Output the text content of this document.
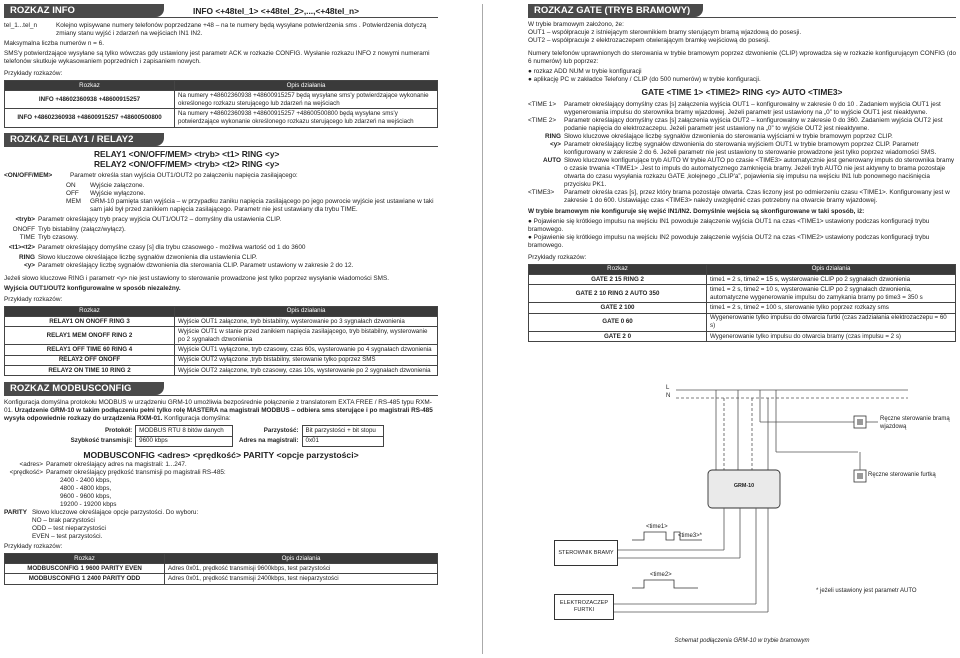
ROZKAZ INFO	INFO <+48tel_1> <+48tel_2>,...,<+48tel_n>
tel_1...tel_n	Kolejno wpisywane numery telefonów poprzedzane +48 – na te numery będą wysyłane potwierdzenia sms . Potwierdzenia dotyczą zmiany stanu wyjść i zdarzeń na wejściach IN1 IN2.
Maksymalna liczba numerów n = 6.
SMS'y potwierdzające wysyłane są tylko wówczas gdy ustawiony jest parametr ACK w rozkazie CONFIG. Wysłanie rozkazu INFO z nowymi numerami telefonów skutkuje wykasowaniem poprzednich i zapisaniem nowych.
Przykłady rozkazów:
Rozkaz	Opis działania
INFO +48602360938 +48600915257	Na numery +48602360938 +48600915257 będą wysyłane sms'y potwierdzające wykonanie określonego rozkazu sterującego lub zdarzeń na wejściach
INFO +48602360938 +48600915257 +48600500800	Na numery +48602360938 +48600915257 +48600500800 będą wysyłane sms'y potwierdzające wykonanie określonego rozkazu sterującego lub zdarzeń na wejściach
ROZKAZ RELAY1 / RELAY2
RELAY1 <ON/OFF/MEM> <tryb> <t1> RING <y>
RELAY2 <ON/OFF/MEM> <tryb> <t2> RING <y>
<ON/OFF/MEM>	Parametr określa stan wyjścia OUT1/OUT2 po załączeniu napięcia zasilającego:
ON	Wyjście załączone.
OFF	Wyjście wyłączone.
MEM	GRM-10 pamięta stan wyjścia – w przypadku zaniku napięcia zasilającego po jego powrocie wyjście jest ustawiane w taki sam jaki był przed zanikiem napięcia zasilającego. Parametr nie jest ustawiany dla trybu TIME.
<tryb> Parametr określający tryb pracy wyjścia OUT1/OUT2 – domyślny dla ustawienia CLIP.
ONOFF Tryb bistabilny (załącz/wyłącz).
TIME Tryb czasowy.
<t1><t2> Parametr określający domyślne czasy [s] dla trybu czasowego - możliwa wartość od 1 do 3600
RING Słowo kluczowe określające liczbę sygnałów dzwonienia dla ustawienia CLIP.
<y> Parametr określający liczbę sygnałów dzwonienia dla sterowania CLIP. Parametr ustawiony w zakresie 2 do 12.
Jeżeli słowo kluczowe RING i parametr <y> nie jest ustawiony to sterowanie prowadzone jest tylko poprzez wysyłanie wiadomości SMS.
Wyjścia OUT1/OUT2 konfigurowalne w sposób niezależny.
Przykłady rozkazów:
Rozkaz	Opis działania
RELAY1 ON ONOFF RING 3	Wyjście OUT1 załączone, tryb bistabilny, wysterowanie po 3 sygnałach dzwonienia
RELAY1 MEM ONOFF RING 2	Wyjście OUT1 w stanie przed zanikiem napięcia zasilającego, tryb bistabilny, wysterowanie po 2 sygnałach dzwonienia
RELAY1 OFF TIME 60 RING 4	Wyjście OUT1 wyłączone, tryb czasowy, czas 60s, wysterowanie po 4 sygnałach dzwonienia
RELAY2 OFF ONOFF	Wyjście OUT2 wyłączone ,tryb bistabilny, sterowanie tylko poprzez SMS
RELAY2 ON TIME 10 RING 2	Wyjście OUT2 załączone, tryb czasowy, czas 10s, wysterowanie po 2 sygnałach dzwonienia
ROZKAZ MODBUSCONFIG
Konfiguracja domyślna protokołu MODBUS w urządzeniu GRM-10 umożliwia bezpośrednie połączenie z translatorem EXTA FREE / RS-485 typu RXM-01. Urządzenie GRM-10 w takim podłączeniu pełni tylko rolę MASTERA na magistrali MODBUS – odbiera sms sterujące i po magistrali RS-485 wysyła odpowiednie rozkazy do urządzenia RXM-01. Konfiguracja domyślna:
Protokół:	MODBUS RTU 8 bitów danych	Parzystość:	Bit parzystości + bit stopu
Szybkość transmisji:	9600 kbps	Adres na magistrali:	0x01
MODBUSCONFIG <adres> <prędkość> PARITY <opcje parzystości>
<adres> Parametr określający adres na magistrali: 1...247.
<prędkość> Parametr określający prędkość transmisji po magistrali RS-485:
2400 - 2400 kbps,
4800 - 4800 kbps,
9600 - 9600 kbps,
19200 - 19200 kbps
PARITY Słowo kluczowe określające opcje parzystości. Do wyboru:
NO – brak parzystości
ODD – test nieparzystości
EVEN – test parzystości.
Przykłady rozkazów:
Rozkaz	Opis działania
MODBUSCONFIG 1 9600 PARITY EVEN	Adres 0x01, prędkość transmisji 9600kbps, test parzystości
MODBUSCONFIG 1 2400 PARITY ODD	Adres 0x01, prędkość transmisji 2400kbps, test nieparzystości
ROZKAZ GATE (TRYB BRAMOWY)
W trybie bramowym założono, że:
OUT1 – współpracuje z istniejącym sterownikiem bramy sterującym bramą wjazdową do posesji.
OUT2 – współpracuje z elektrozaczepem otwierającym bramkę wejściową do posesji.
Numery telefonów uprawnionych do sterowania w trybie bramowym poprzez dzwonienie (CLIP) wprowadza się w rozkazie konfigurującym CONFIG (do 6 numerów) lub poprzez:
● rozkaz ADD NUM w trybie konfiguracji
● aplikację PC w zakładce Telefony / CLIP (do 500 numerów) w trybie konfiguracji.
GATE <TIME 1> <TIME2> RING <y> AUTO <TIME3>
<TIME 1>	Parametr określający domyślny czas [s] załączenia wyjścia OUT1 – konfigurowalny w zakresie 0 do 10 . Zadaniem wyjścia OUT1 jest wygenerowania impulsu do sterownika bramy wjazdowej. Jeżeli parametr jest ustawiony na „0” to wyjście OUT1 jest nieaktywne.
<TIME 2>	Parametr określający domyślny czas [s] załączenia wyjścia OUT2 – konfigurowalny w zakresie 0 do 360. Zadaniem wyjścia OUT2 jest podanie napięcia do elektrozaczepu. Jeżeli parametr jest ustawiony na „0” to wyjście OUT2 jest nieaktywne.
RING Słowo kluczowe określające liczbę sygnałów dzwonienia do sterowania wyjściami w trybie bramowym poprzez CLIP.
<y> Parametr określający liczbę sygnałów dzwonienia do sterowania wyjściem OUT1 w trybie bramowym poprzez CLIP. Parametr konfigurowany w zakresie 2 do 6. Jeżeli parametr nie jest ustawiony to sterowanie prowadzone jest tylko poprzez wiadomości SMS.
AUTO Słowo kluczowe konfigurujące tryb AUTO W trybie AUTO po czasie <TIME3> automatycznie jest generowany impuls do sterownika bramy o czasie trwania <TIME1> .Jest to impuls do automatycznego zamknięcia bramy. Jeżeli tryb AUTO nie jest aktywny to brama pozostaje otwarta do czasu wysyłania rozkazu GATE ,kolejnego „CLIP'a”, pojawienia się impulsu na wejściu IN1 lub ponownego naciśnięcia przycisku PK1.
<TIME3>	Parametr określa czas [s], przez który brama pozostaje otwarta. Czas liczony jest po odmierzeniu czasu <TIME1>. Konfigurowany jest w zakresie 1 do 600. Ustawiając czas <TIME3> należy uwzględnić czas potrzebny na otwarcie bramy wjazdowej.
W trybie bramowym nie konfiguruje się wejść IN1/IN2. Domyślnie wejścia są skonfigurowane w taki sposób, iż:
● Pojawienie się krótkiego impulsu na wejściu IN1 powoduje załączenie wyjścia OUT1 na czas <TIME1> ustawiony podczas konfiguracji trybu bramowego.
● Pojawienie się krótkiego impulsu na wejściu IN2 powoduje załączenie wyjścia OUT2 na czas <TIME2> ustawiony podczas konfiguracji trybu bramowego.
Przykłady rozkazów:
Rozkaz	Opis działania
GATE 2 15 RING 2	time1 = 2 s, time2 = 15 s, wysterowanie CLIP po 2 sygnałach dzwonienia
GATE 2 10 RING 2 AUTO 350	time1 = 2 s, time2 = 10 s, wysterowanie CLIP po 2 sygnałach dzwonienia, automatyczne wygenerowanie impulsu do zamykania bramy po time3 = 350 s
GATE 2 100	time1 = 2 s, time2 = 100 s, sterowanie tylko poprzez rozkazy sms
GATE 0 60	Wygenerowanie tylko impulsu do otwarcia furtki (czas zadziałania elektrozaczepu = 60 s)
GATE 2 0	Wygenerowanie tylko impulsu do otwarcia bramy (czas impulsu = 2 s)
L
N
Ręczne sterowanie bramą wjazdową
Ręczne sterowanie furtką
GRM-10
STEROWNIK BRAMY
ELEKTROZACZEP FURTKI
<time1>
<time3>*
<time2>
* jeżeli ustawiony jest parametr AUTO
Schemat podłączenia GRM-10 w trybie bramowym
